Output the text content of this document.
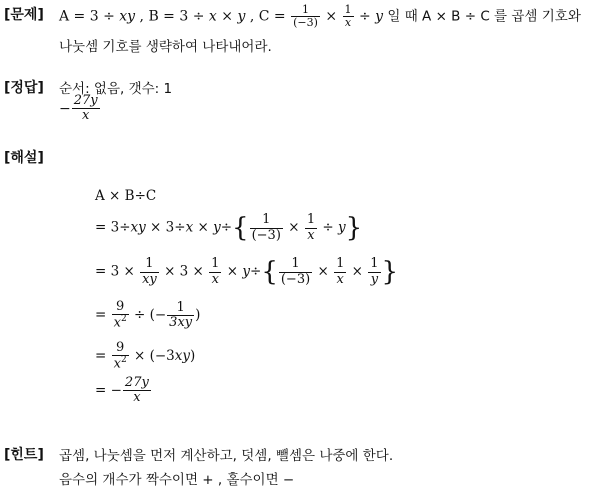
[문제] A = 3 ÷ xy , B = 3 ÷ x × y , $C = \frac{1}{(-3)} \times \frac{1}{x} \div y$ 일 때 A × B ÷ C 를 곱셈 기호와
나눗셈 기호를 생략하여 나타내어라.
[정답] 순서: 없음, 갯수: 1
− $\frac{27y}{x}$
[해설]
A × B÷C
= $3\div xy \times 3\div x \times y\div\{ \frac{1}{(-3)} \times \frac{1}{x} \div y\}$
= $3 \times \frac{1}{xy} \times 3 \times \frac{1}{x} \times y\div\{ \frac{1}{(-3)} \times \frac{1}{x} \times \frac{1}{y}$ }
= $\frac{9}{x^2}$ ÷ (− $\frac{1}{3xy}$ )
= $\frac{9}{x^2} \times (-3xy)$
= − $\frac{27y}{x}$
[힌트] 곱셈, 나눗셈을 먼저 계산하고, 덧셈, 뺄셈은 나중에 한다.
음수의 개수가 짝수이면 + , 홀수이면 −
